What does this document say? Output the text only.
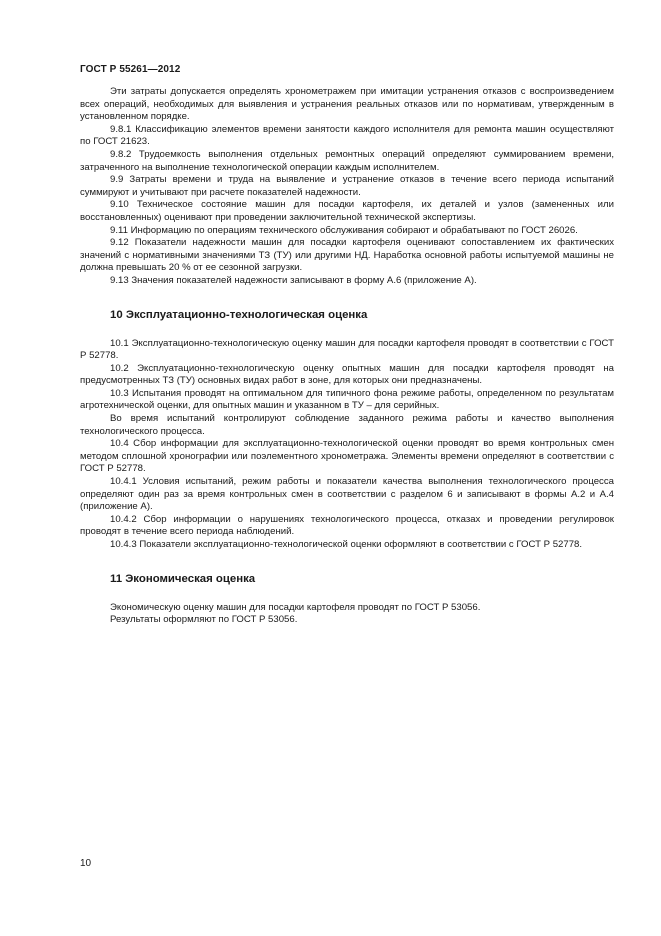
ГОСТ Р 55261—2012

Эти затраты допускается определять хронометражем при имитации устранения отказов с воспроизведением всех операций, необходимых для выявления и устранения реальных отказов или по нормативам, утвержденным в установленном порядке.

9.8.1 Классификацию элементов времени занятости каждого исполнителя для ремонта машин осуществляют по ГОСТ 21623.

9.8.2 Трудоемкость выполнения отдельных ремонтных операций определяют суммированием времени, затраченного на выполнение технологической операции каждым исполнителем.

9.9 Затраты времени и труда на выявление и устранение отказов в течение всего периода испытаний суммируют и учитывают при расчете показателей надежности.

9.10 Техническое состояние машин для посадки картофеля, их деталей и узлов (замененных или восстановленных) оценивают при проведении заключительной технической экспертизы.

9.11 Информацию по операциям технического обслуживания собирают и обрабатывают по ГОСТ 26026.

9.12 Показатели надежности машин для посадки картофеля оценивают сопоставлением их фактических значений с нормативными значениями ТЗ (ТУ) или другими НД. Наработка основной работы испытуемой машины не должна превышать 20 % от ее сезонной загрузки.

9.13 Значения показателей надежности записывают в форму А.6 (приложение А).

10 Эксплуатационно-технологическая оценка

10.1 Эксплуатационно-технологическую оценку машин для посадки картофеля проводят в соответствии с ГОСТ Р 52778.

10.2 Эксплуатационно-технологическую оценку опытных машин для посадки картофеля проводят на предусмотренных ТЗ (ТУ) основных видах работ в зоне, для которых они предназначены.

10.3 Испытания проводят на оптимальном для типичного фона режиме работы, определенном по результатам агротехнической оценки, для опытных машин и указанном в ТУ – для серийных.

Во время испытаний контролируют соблюдение заданного режима работы и качество выполнения технологического процесса.

10.4 Сбор информации для эксплуатационно-технологической оценки проводят во время контрольных смен методом сплошной хронографии или поэлементного хронометража. Элементы времени определяют в соответствии с ГОСТ Р 52778.

10.4.1 Условия испытаний, режим работы и показатели качества выполнения технологического процесса определяют один раз за время контрольных смен в соответствии с разделом 6 и записывают в формы А.2 и А.4 (приложение А).

10.4.2 Сбор информации о нарушениях технологического процесса, отказах и проведении регулировок проводят в течение всего периода наблюдений.

10.4.3 Показатели эксплуатационно-технологической оценки оформляют в соответствии с ГОСТ Р 52778.

11 Экономическая оценка

Экономическую оценку машин для посадки картофеля проводят по ГОСТ Р 53056.

Результаты оформляют по ГОСТ Р 53056.

10
